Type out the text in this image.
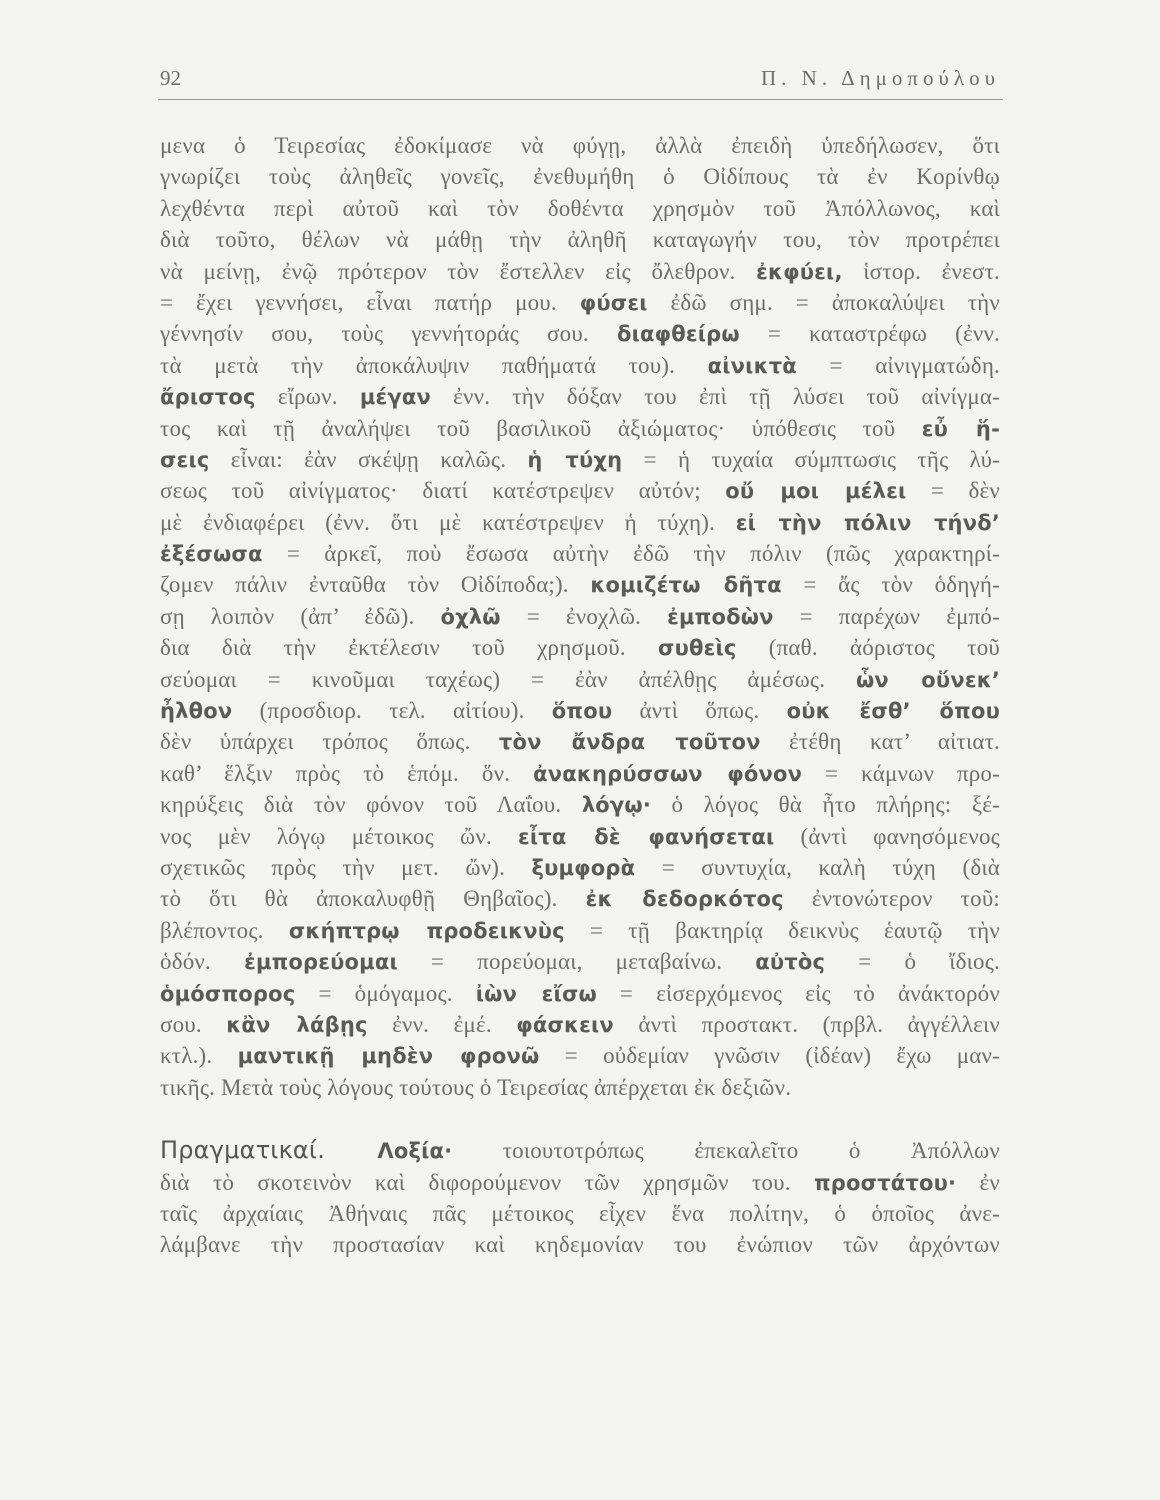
92	Π. Ν. Δημοπούλου
μενα ὁ Τειρεσίας ἐδοκίμασε νὰ φύγῃ, ἀλλὰ ἐπειδὴ ὑπεδήλωσεν, ὅτι
γνωρίζει τοὺς ἀληθεῖς γονεῖς, ἐνεθυμήθη ὁ Οἰδίπους τὰ ἐν Κορίνθῳ
λεχθέντα περὶ αὐτοῦ καὶ τὸν δοθέντα χρησμὸν τοῦ Ἀπόλλωνος, καὶ
διὰ τοῦτο, θέλων νὰ μάθῃ τὴν ἀληθῆ καταγωγήν του, τὸν προτρέπει
νὰ μείνῃ, ἐνῷ πρότερον τὸν ἔστελλεν εἰς ὄλεθρον. ἐκφύει, ἱστορ. ἐνεστ.
= ἔχει γεννήσει, εἶναι πατήρ μου. φύσει ἐδῶ σημ. = ἀποκαλύψει τὴν
γέννησίν σου, τοὺς γεννήτοράς σου. διαφθείρω = καταστρέφω (ἐνν.
τὰ μετὰ τὴν ἀποκάλυψιν παθήματά του). αἰνικτὰ = αἰνιγματώδη.
ἄριστος εἴρων. μέγαν ἐνν. τὴν δόξαν του ἐπὶ τῇ λύσει τοῦ αἰνίγμα-
τος καὶ τῇ ἀναλήψει τοῦ βασιλικοῦ ἀξιώματος· ὑπόθεσις τοῦ εὖ ἥ-
σεις εἶναι: ἐὰν σκέψῃ καλῶς. ἡ τύχη = ἡ τυχαία σύμπτωσις τῆς λύ-
σεως τοῦ αἰνίγματος· διατί κατέστρεψεν αὐτόν; οὔ μοι μέλει = δὲν
μὲ ἐνδιαφέρει (ἐνν. ὅτι μὲ κατέστρεψεν ἡ τύχη). εἰ τὴν πόλιν τήνδ’
ἐξέσωσα = ἀρκεῖ, ποὺ ἔσωσα αὐτὴν ἐδῶ τὴν πόλιν (πῶς χαρακτηρί-
ζομεν πάλιν ἐνταῦθα τὸν Οἰδίποδα;). κομιζέτω δῆτα = ἄς τὸν ὁδηγή-
σῃ λοιπὸν (ἀπ’ ἐδῶ). ὀχλῶ = ἐνοχλῶ. ἐμποδὼν = παρέχων ἐμπό-
δια διὰ τὴν ἐκτέλεσιν τοῦ χρησμοῦ. συθεὶς (παθ. ἀόριστος τοῦ
σεύομαι = κινοῦμαι ταχέως) = ἐὰν ἀπέλθῃς ἀμέσως. ὧν οὕνεκ’
ἦλθον (προσδιορ. τελ. αἰτίου). ὅπου ἀντὶ ὅπως. οὐκ ἔσθ’ ὅπου
δὲν ὑπάρχει τρόπος ὅπως. τὸν ἄνδρα τοῦτον ἐτέθη κατ’ αἰτιατ.
καθ’ ἕλξιν πρὸς τὸ ἑπόμ. ὅν. ἀνακηρύσσων φόνον = κάμνων προ-
κηρύξεις διὰ τὸν φόνον τοῦ Λαΐου. λόγῳ· ὁ λόγος θὰ ἦτο πλήρης: ξέ-
νος μὲν λόγῳ μέτοικος ὤν. εἶτα δὲ φανήσεται (ἀντὶ φανησόμενος
σχετικῶς πρὸς τὴν μετ. ὤν). ξυμφορὰ = συντυχία, καλὴ τύχη (διὰ
τὸ ὅτι θὰ ἀποκαλυφθῇ Θηβαῖος). ἐκ δεδορκότος ἐντονώτερον τοῦ:
βλέποντος. σκήπτρῳ προδεικνὺς = τῇ βακτηρίᾳ δεικνὺς ἑαυτῷ τὴν
ὁδόν. ἐμπορεύομαι = πορεύομαι, μεταβαίνω. αὐτὸς = ὁ ἴδιος.
ὁμόσπορος = ὁμόγαμος. ἰὼν εἴσω = εἰσερχόμενος εἰς τὸ ἀνάκτορόν
σου. κἂν λάβῃς ἐνν. ἐμέ. φάσκειν ἀντὶ προστακτ. (πρβλ. ἀγγέλλειν
κτλ.). μαντικῇ μηδὲν φρονῶ = οὐδεμίαν γνῶσιν (ἰδέαν) ἔχω μαν-
τικῆς. Μετὰ τοὺς λόγους τούτους ὁ Τειρεσίας ἀπέρχεται ἐκ δεξιῶν.
Πραγματικαί. Λοξία· τοιουτοτρόπως ἐπεκαλεῖτο ὁ Ἀπόλλων
διὰ τὸ σκοτεινὸν καὶ διφορούμενον τῶν χρησμῶν του. προστάτου· ἐν
ταῖς ἀρχαίαις Ἀθήναις πᾶς μέτοικος εἶχεν ἕνα πολίτην, ὁ ὁποῖος ἀνε-
λάμβανε τὴν προστασίαν καὶ κηδεμονίαν του ἐνώπιον τῶν ἀρχόντων
